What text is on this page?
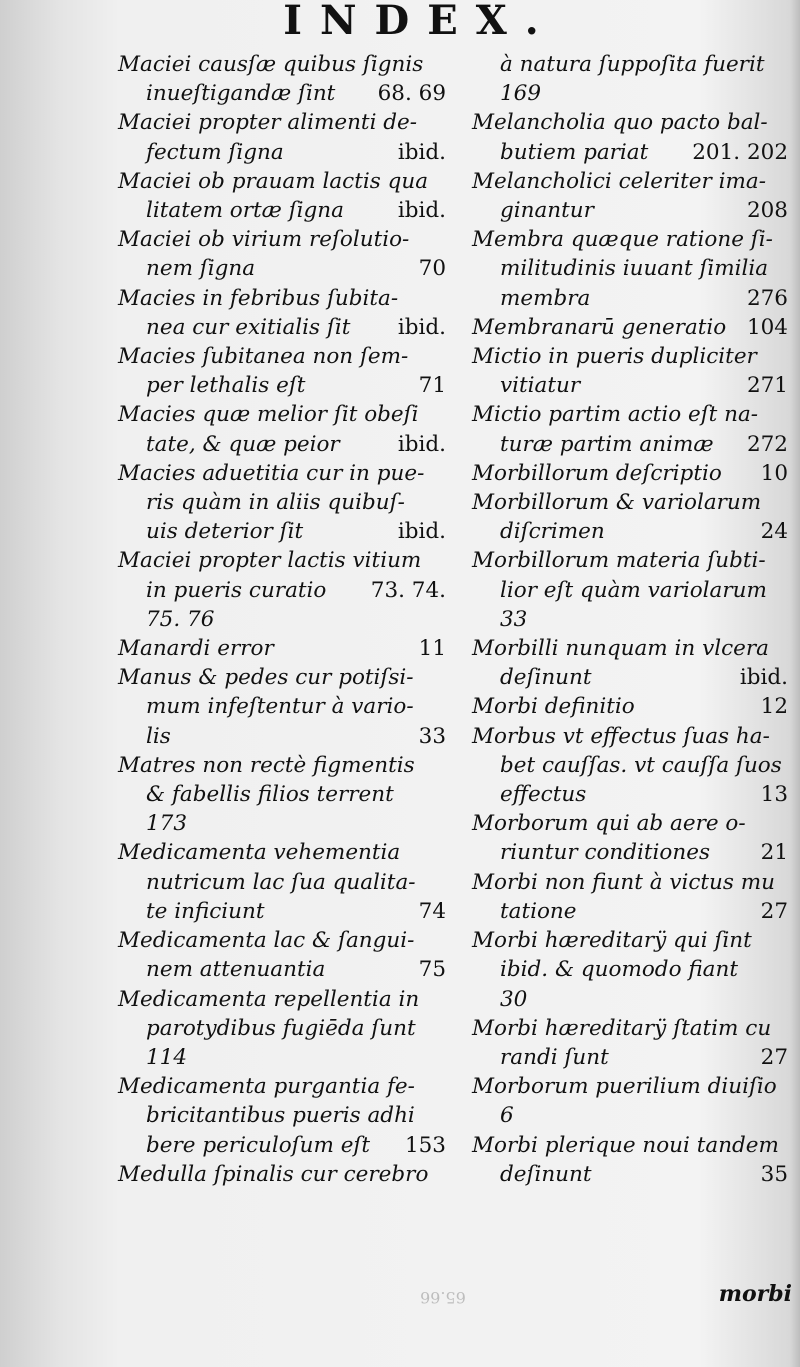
INDEX.
Maciei causſæ quibus ſignis
inueſtigandæ ſint 68. 69
Maciei propter alimenti de-
fectum ſigna	ibid.
Maciei ob prauam lactis qua
litatem ortæ ſigna	ibid.
Maciei ob virium reſolutio-
nem ſigna	70
Macies in febribus ſubita-
nea cur exitialis ſit ibid.
Macies ſubitanea non ſem-
per lethalis eſt	71
Macies quæ melior ſit obeſi
tate, & quæ peior	ibid.
Macies aduetitia cur in pue-
ris quàm in aliis quibuſ-
uis deterior ſit	ibid.
Maciei propter lactis vitium
in pueris curatio 73. 74.
75. 76
Manardi error	11
Manus & pedes cur potiſsi-
mum infeſtentur à vario-
lis	33
Matres non rectè figmentis
& fabellis filios terrent
173
Medicamenta vehementia
nutricum lac ſua qualita-
te inficiunt	74
Medicamenta lac & ſangui-
nem attenuantia	75
Medicamenta repellentia in
parotydibus fugiēda ſunt
114
Medicamenta purgantia fe-
bricitantibus pueris adhi
bere periculoſum eſt 153
Medulla ſpinalis cur cerebro
à natura ſuppoſita fuerit
169
Melancholia quo pacto bal-
butiem pariat 201. 202
Melancholici celeriter ima-
ginantur	208
Membra quæque ratione ſi-
militudinis iuuant ſimilia
membra	276
Membranarū generatio 104
Mictio in pueris dupliciter
vitiatur	271
Mictio partim actio eſt na-
turæ partim animæ 272
Morbillorum deſcriptio 10
Morbillorum & variolarum
diſcrimen	24
Morbillorum materia ſubti-
lior eſt quàm variolarum
33
Morbilli nunquam in vlcera
deſinunt	ibid.
Morbi definitio	12
Morbus vt effectus ſuas ha-
bet cauſſas. vt cauſſa ſuos
effectus	13
Morborum qui ab aere o-
riuntur conditiones 21
Morbi non fiunt à victus mu
tatione	27
Morbi hæreditarÿ qui ſint
ibid. & quomodo fiant
30
Morbi hæreditarÿ ſtatim cu
randi ſunt	27
Morborum puerilium diuiſio
6
Morbi plerique noui tandem
deſinunt	35
morbi
65.66
